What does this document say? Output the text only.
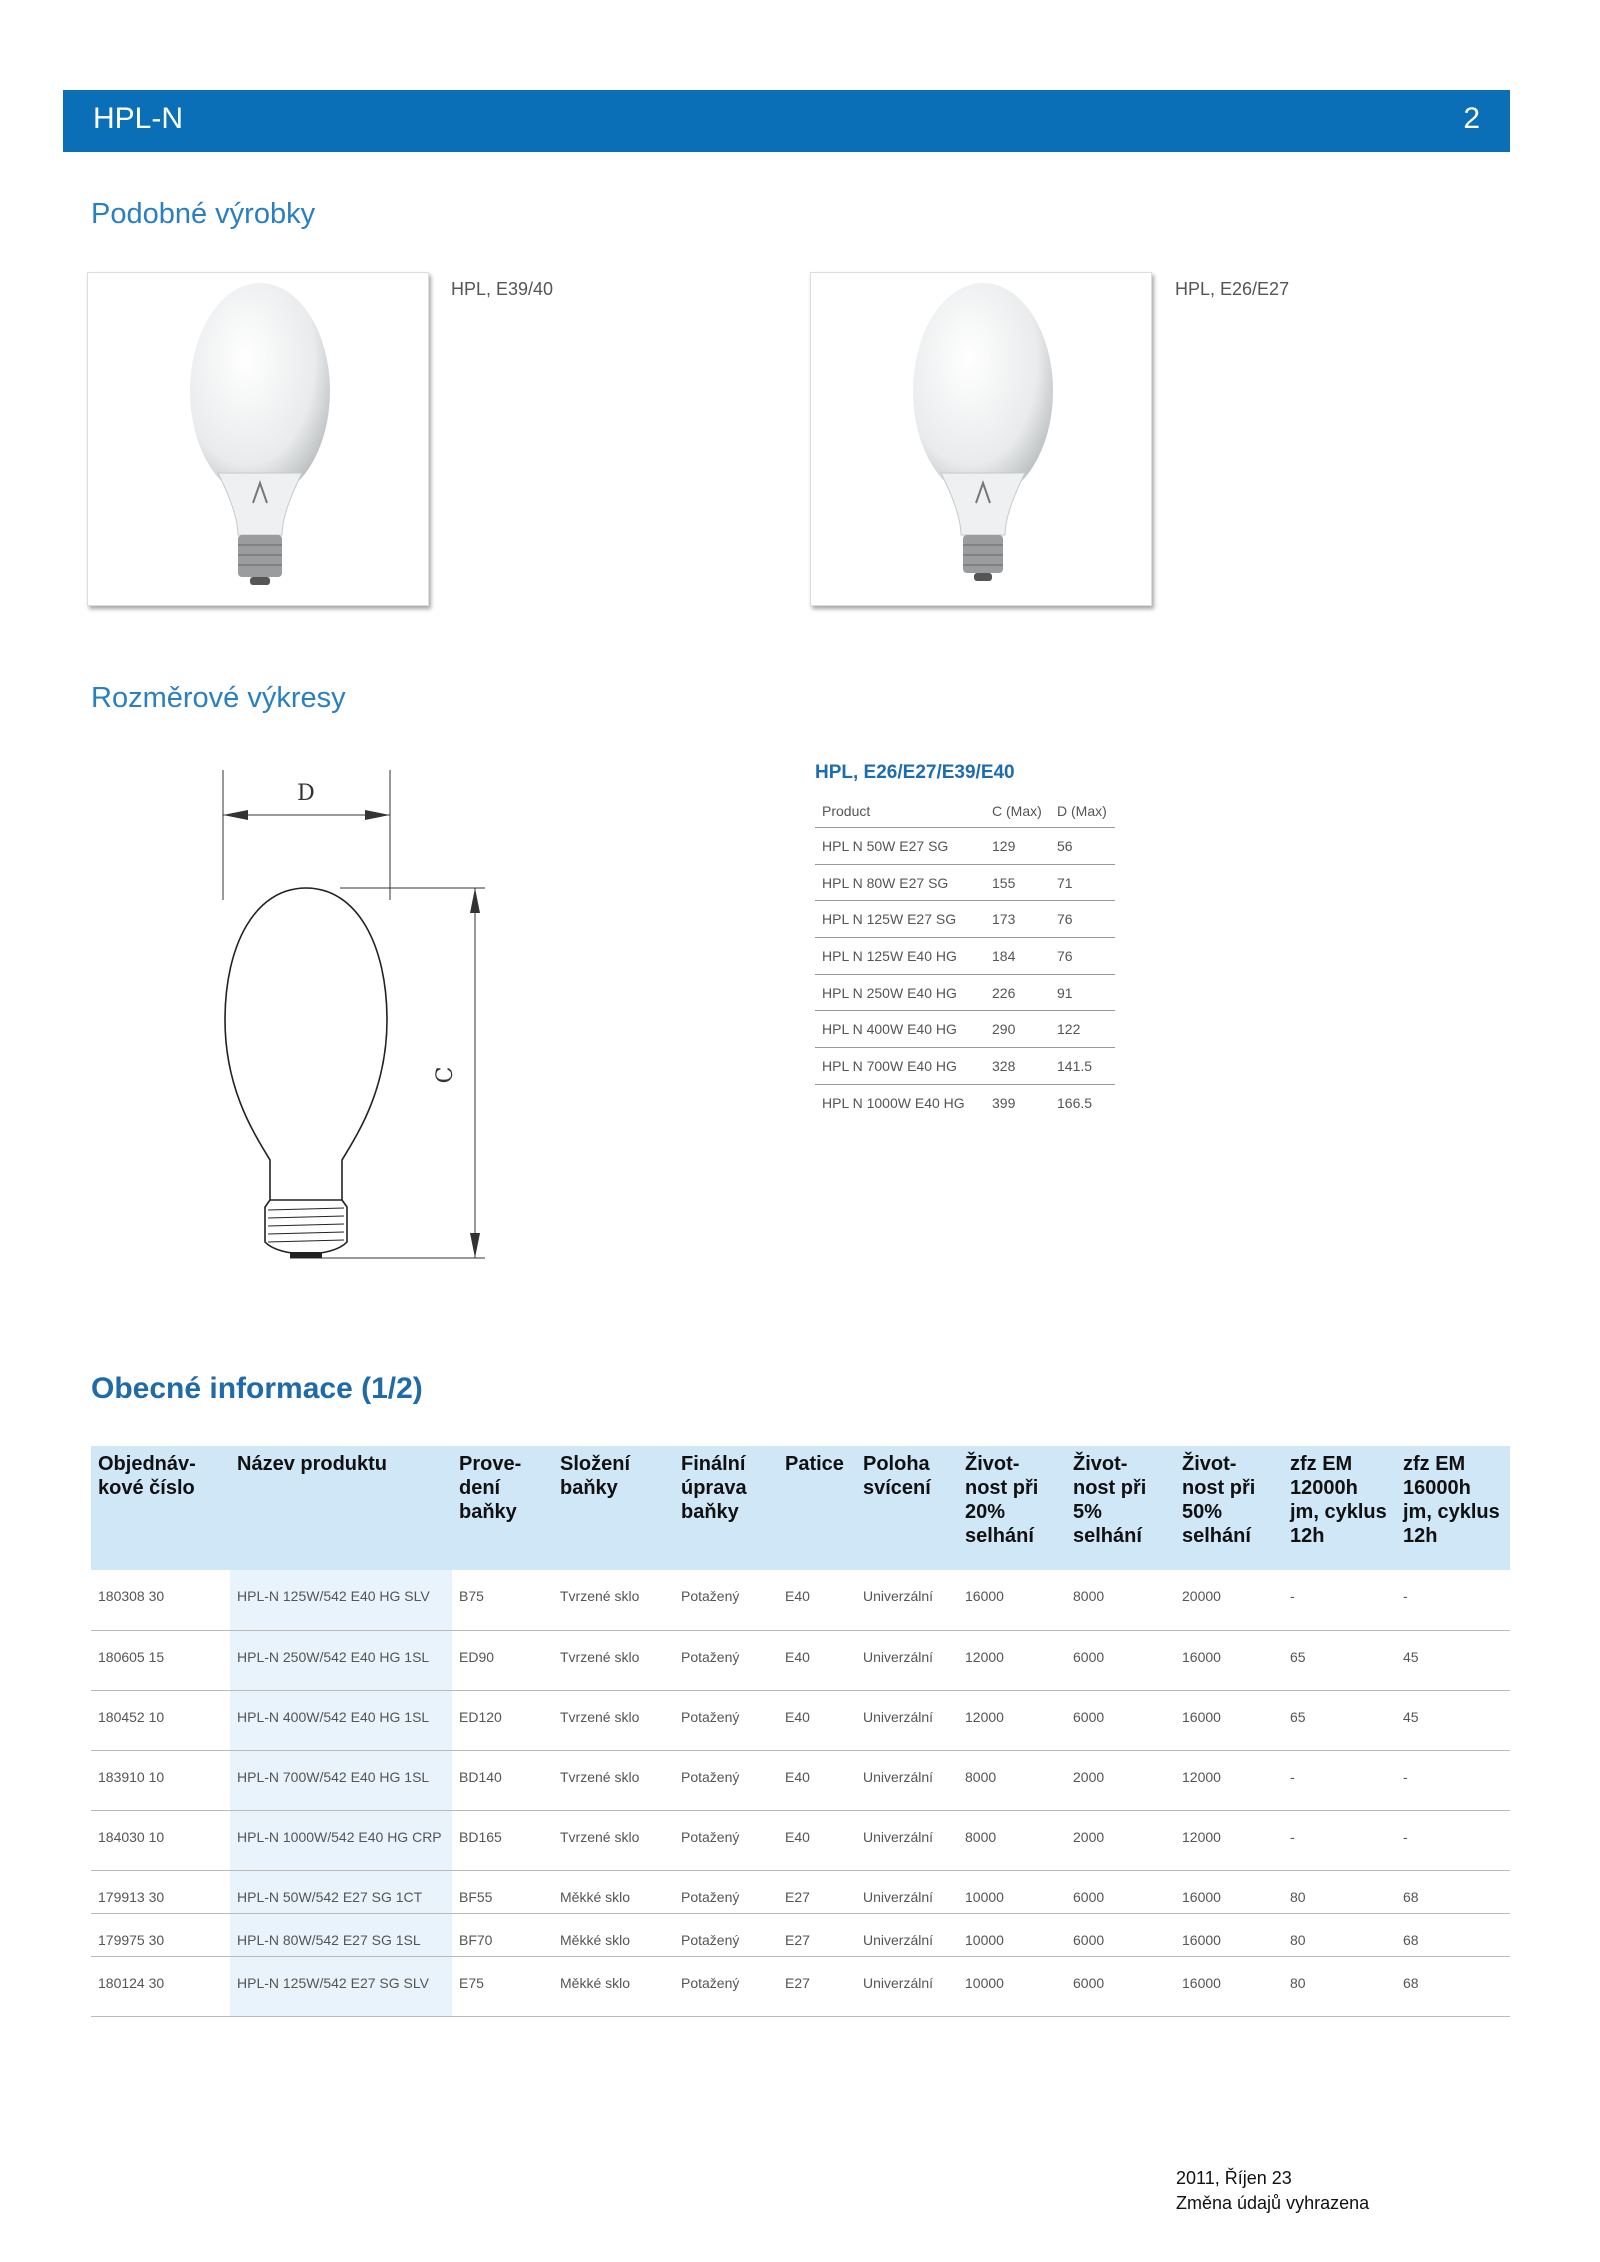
HPL-N	2
Podobné výrobky
HPL, E39/40	HPL, E26/E27
Rozměrové výkresy
D
C
HPL, E26/E27/E39/E40
Product	C (Max)	D (Max)
HPL N 50W E27 SG	129	56
HPL N 80W E27 SG	155	71
HPL N 125W E27 SG	173	76
HPL N 125W E40 HG	184	76
HPL N 250W E40 HG	226	91
HPL N 400W E40 HG	290	122
HPL N 700W E40 HG	328	141.5
HPL N 1000W E40 HG	399	166.5
Obecné informace (1/2)
Objednáv-kové číslo	Název produktu	Prove-dení baňky	Složení baňky	Finální úprava baňky	Patice	Poloha svícení	Život-nost při 20% selhání	Život-nost při 5% selhání	Život-nost při 50% selhání	zfz EM 12000h jm, cyklus 12h	zfz EM 16000h jm, cyklus 12h
180308 30	HPL-N 125W/542 E40 HG SLV	B75	Tvrzené sklo	Potažený	E40	Univerzální	16000	8000	20000	-	-
180605 15	HPL-N 250W/542 E40 HG 1SL	ED90	Tvrzené sklo	Potažený	E40	Univerzální	12000	6000	16000	65	45
180452 10	HPL-N 400W/542 E40 HG 1SL	ED120	Tvrzené sklo	Potažený	E40	Univerzální	12000	6000	16000	65	45
183910 10	HPL-N 700W/542 E40 HG 1SL	BD140	Tvrzené sklo	Potažený	E40	Univerzální	8000	2000	12000	-	-
184030 10	HPL-N 1000W/542 E40 HG CRP	BD165	Tvrzené sklo	Potažený	E40	Univerzální	8000	2000	12000	-	-
179913 30	HPL-N 50W/542 E27 SG 1CT	BF55	Měkké sklo	Potažený	E27	Univerzální	10000	6000	16000	80	68
179975 30	HPL-N 80W/542 E27 SG 1SL	BF70	Měkké sklo	Potažený	E27	Univerzální	10000	6000	16000	80	68
180124 30	HPL-N 125W/542 E27 SG SLV	E75	Měkké sklo	Potažený	E27	Univerzální	10000	6000	16000	80	68
2011, Říjen 23
Změna údajů vyhrazena
